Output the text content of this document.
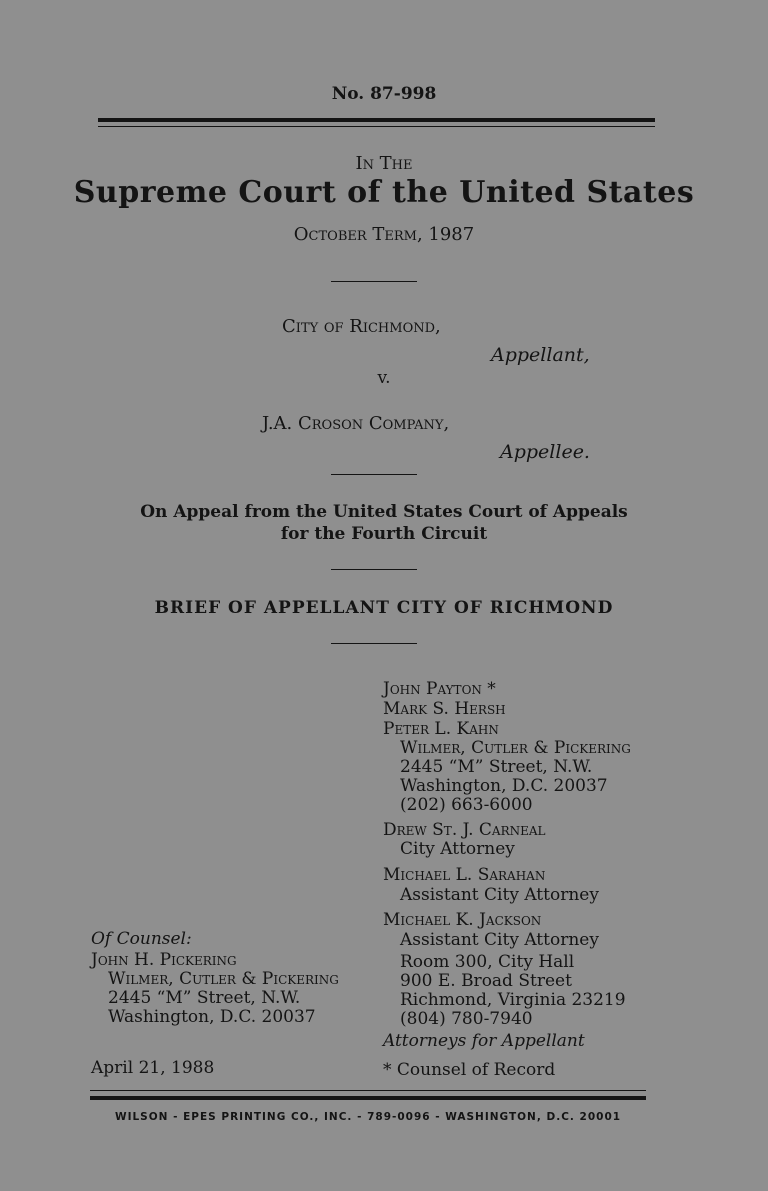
No. 87-998
In The
Supreme Court of the United States
October Term, 1987
City of Richmond,
Appellant,
v.
J.A. Croson Company,
Appellee.
On Appeal from the United States Court of Appeals
for the Fourth Circuit
BRIEF OF APPELLANT CITY OF RICHMOND
John Payton *
Mark S. Hersh
Peter L. Kahn
Wilmer, Cutler & Pickering
2445 “M” Street, N.W.
Washington, D.C. 20037
(202) 663-6000
Drew St. J. Carneal
City Attorney
Michael L. Sarahan
Assistant City Attorney
Michael K. Jackson
Assistant City Attorney
Room 300, City Hall
900 E. Broad Street
Richmond, Virginia 23219
(804) 780-7940
Attorneys for Appellant
* Counsel of Record
Of Counsel:
John H. Pickering
Wilmer, Cutler & Pickering
2445 “M” Street, N.W.
Washington, D.C. 20037
April 21, 1988
WILSON - EPES PRINTING CO., INC. - 789-0096 - WASHINGTON, D.C. 20001
